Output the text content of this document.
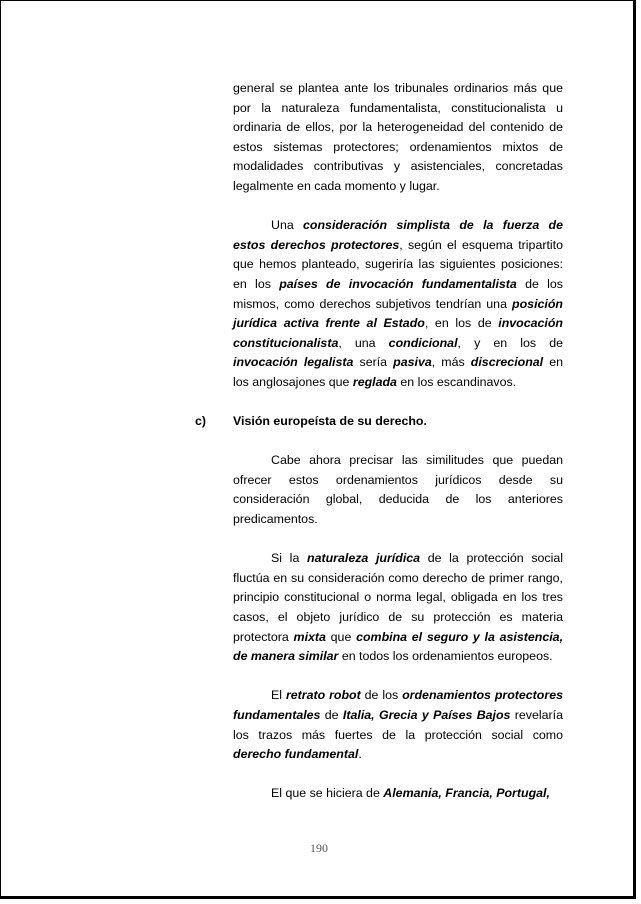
general se plantea ante los tribunales ordinarios más que por la naturaleza fundamentalista, constitucionalista u ordinaria de ellos, por la heterogeneidad del contenido de estos sistemas protectores; ordenamientos mixtos de modalidades contributivas y asistenciales, concretadas legalmente en cada momento y lugar.

Una consideración simplista de la fuerza de estos derechos protectores, según el esquema tripartito que hemos planteado, sugeriría las siguientes posiciones: en los países de invocación fundamentalista de los mismos, como derechos subjetivos tendrían una posición jurídica activa frente al Estado, en los de invocación constitucionalista, una condicional, y en los de invocación legalista sería pasiva, más discrecional en los anglosajones que reglada en los escandinavos.

c) Visión europeísta de su derecho.

Cabe ahora precisar las similitudes que puedan ofrecer estos ordenamientos jurídicos desde su consideración global, deducida de los anteriores predicamentos.

Si la naturaleza jurídica de la protección social fluctúa en su consideración como derecho de primer rango, principio constitucional o norma legal, obligada en los tres casos, el objeto jurídico de su protección es materia protectora mixta que combina el seguro y la asistencia, de manera similar en todos los ordenamientos europeos.

El retrato robot de los ordenamientos protectores fundamentales de Italia, Grecia y Países Bajos revelaría los trazos más fuertes de la protección social como derecho fundamental.

El que se hiciera de Alemania, Francia, Portugal,

190
